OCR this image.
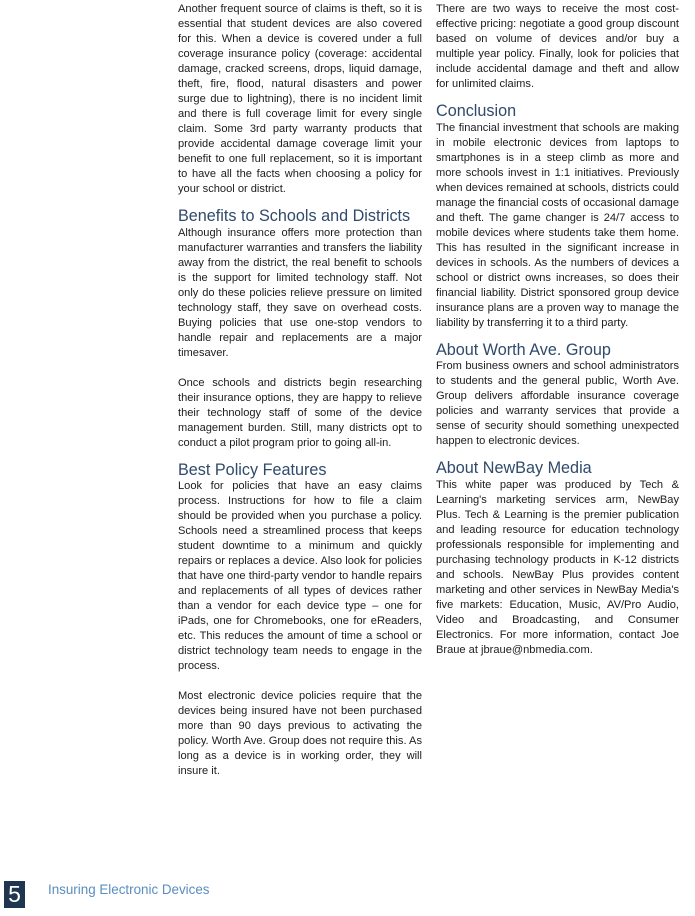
Another frequent source of claims is theft, so it is essential that student devices are also covered for this. When a device is covered under a full coverage insurance policy (coverage: accidental damage, cracked screens, drops, liquid damage, theft, fire, flood, natural disasters and power surge due to lightning), there is no incident limit and there is full coverage limit for every single claim. Some 3rd party warranty products that provide accidental damage coverage limit your benefit to one full replacement, so it is important to have all the facts when choosing a policy for your school or district.

Benefits to Schools and Districts

Although insurance offers more protection than manufacturer warranties and transfers the liability away from the district, the real benefit to schools is the support for limited technology staff. Not only do these policies relieve pressure on limited technology staff, they save on overhead costs. Buying policies that use one-stop vendors to handle repair and replacements are a major timesaver.

Once schools and districts begin researching their insurance options, they are happy to relieve their technology staff of some of the device management burden. Still, many districts opt to conduct a pilot program prior to going all-in.

Best Policy Features

Look for policies that have an easy claims process. Instructions for how to file a claim should be provided when you purchase a policy. Schools need a streamlined process that keeps student downtime to a minimum and quickly repairs or replaces a device. Also look for policies that have one third-party vendor to handle repairs and replacements of all types of devices rather than a vendor for each device type – one for iPads, one for Chromebooks, one for eReaders, etc. This reduces the amount of time a school or district technology team needs to engage in the process.

Most electronic device policies require that the devices being insured have not been purchased more than 90 days previous to activating the policy. Worth Ave. Group does not require this. As long as a device is in working order, they will insure it.

There are two ways to receive the most cost-effective pricing: negotiate a good group discount based on volume of devices and/or buy a multiple year policy. Finally, look for policies that include accidental damage and theft and allow for unlimited claims.

Conclusion

The financial investment that schools are making in mobile electronic devices from laptops to smartphones is in a steep climb as more and more schools invest in 1:1 initiatives. Previously when devices remained at schools, districts could manage the financial costs of occasional damage and theft. The game changer is 24/7 access to mobile devices where students take them home. This has resulted in the significant increase in devices in schools. As the numbers of devices a school or district owns increases, so does their financial liability. District sponsored group device insurance plans are a proven way to manage the liability by transferring it to a third party.

About Worth Ave. Group

From business owners and school administrators to students and the general public, Worth Ave. Group delivers affordable insurance coverage policies and warranty services that provide a sense of security should something unexpected happen to electronic devices.

About NewBay Media

This white paper was produced by Tech & Learning's marketing services arm, NewBay Plus. Tech & Learning is the premier publication and leading resource for education technology professionals responsible for implementing and purchasing technology products in K-12 districts and schools. NewBay Plus provides content marketing and other services in NewBay Media's five markets: Education, Music, AV/Pro Audio, Video and Broadcasting, and Consumer Electronics. For more information, contact Joe Braue at jbraue@nbmedia.com.

5	Insuring Electronic Devices
